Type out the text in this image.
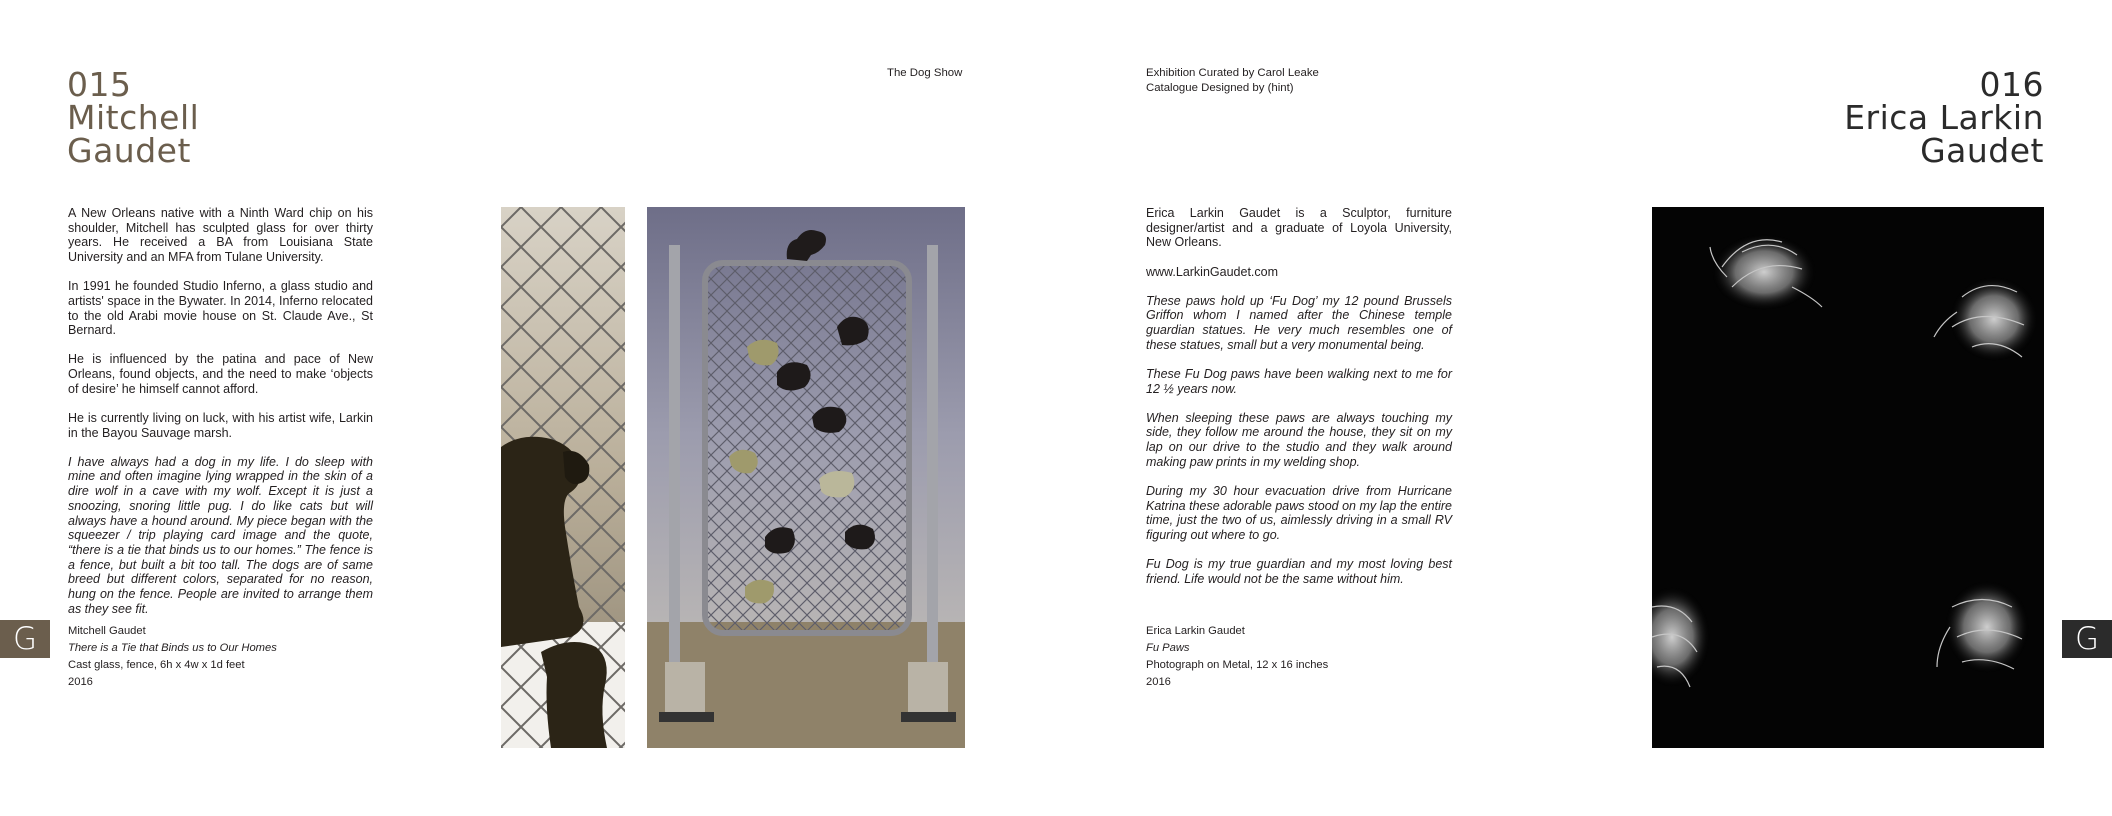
015
Mitchell
Gaudet
The Dog Show

A New Orleans native with a Ninth Ward chip on his shoulder, Mitchell has sculpted glass for over thirty years. He received a BA from Louisiana State University and an MFA from Tulane University.

In 1991 he founded Studio Inferno, a glass studio and artists' space in the Bywater. In 2014, Inferno relocated to the old Arabi movie house on St. Claude Ave., St Bernard.

He is influenced by the patina and pace of New Orleans, found objects, and the need to make ‘objects of desire’ he himself cannot afford.

He is currently living on luck, with his artist wife, Larkin in the Bayou Sauvage marsh.

I have always had a dog in my life. I do sleep with mine and often imagine lying wrapped in the skin of a dire wolf in a cave with my wolf. Except it is just a snoozing, snoring little pug. I do like cats but will always have a hound around. My piece began with the squeezer / trip playing card image and the quote, “there is a tie that binds us to our homes.” The fence is a fence, but built a bit too tall. The dogs are of same breed but different colors, separated for no reason, hung on the fence. People are invited to arrange them as they see fit.

Mitchell Gaudet
There is a Tie that Binds us to Our Homes
Cast glass, fence, 6h x 4w x 1d feet
2016
G
Exhibition Curated by Carol Leake
Catalogue Designed by (hint)	016
Erica Larkin
Gaudet

Erica Larkin Gaudet is a Sculptor, furniture designer/artist and a graduate of Loyola University, New Orleans.

www.LarkinGaudet.com

These paws hold up ‘Fu Dog’ my 12 pound Brussels Griffon whom I named after the Chinese temple guardian statues. He very much resembles one of these statues, small but a very monumental being.

These Fu Dog paws have been walking next to me for 12 ½ years now.

When sleeping these paws are always touching my side, they follow me around the house, they sit on my lap on our drive to the studio and they walk around making paw prints in my welding shop.

During my 30 hour evacuation drive from Hurricane Katrina these adorable paws stood on my lap the entire time, just the two of us, aimlessly driving in a small RV figuring out where to go.

Fu Dog is my true guardian and my most loving best friend. Life would not be the same without him.

Erica Larkin Gaudet
Fu Paws
Photograph on Metal, 12 x 16 inches
2016
G
